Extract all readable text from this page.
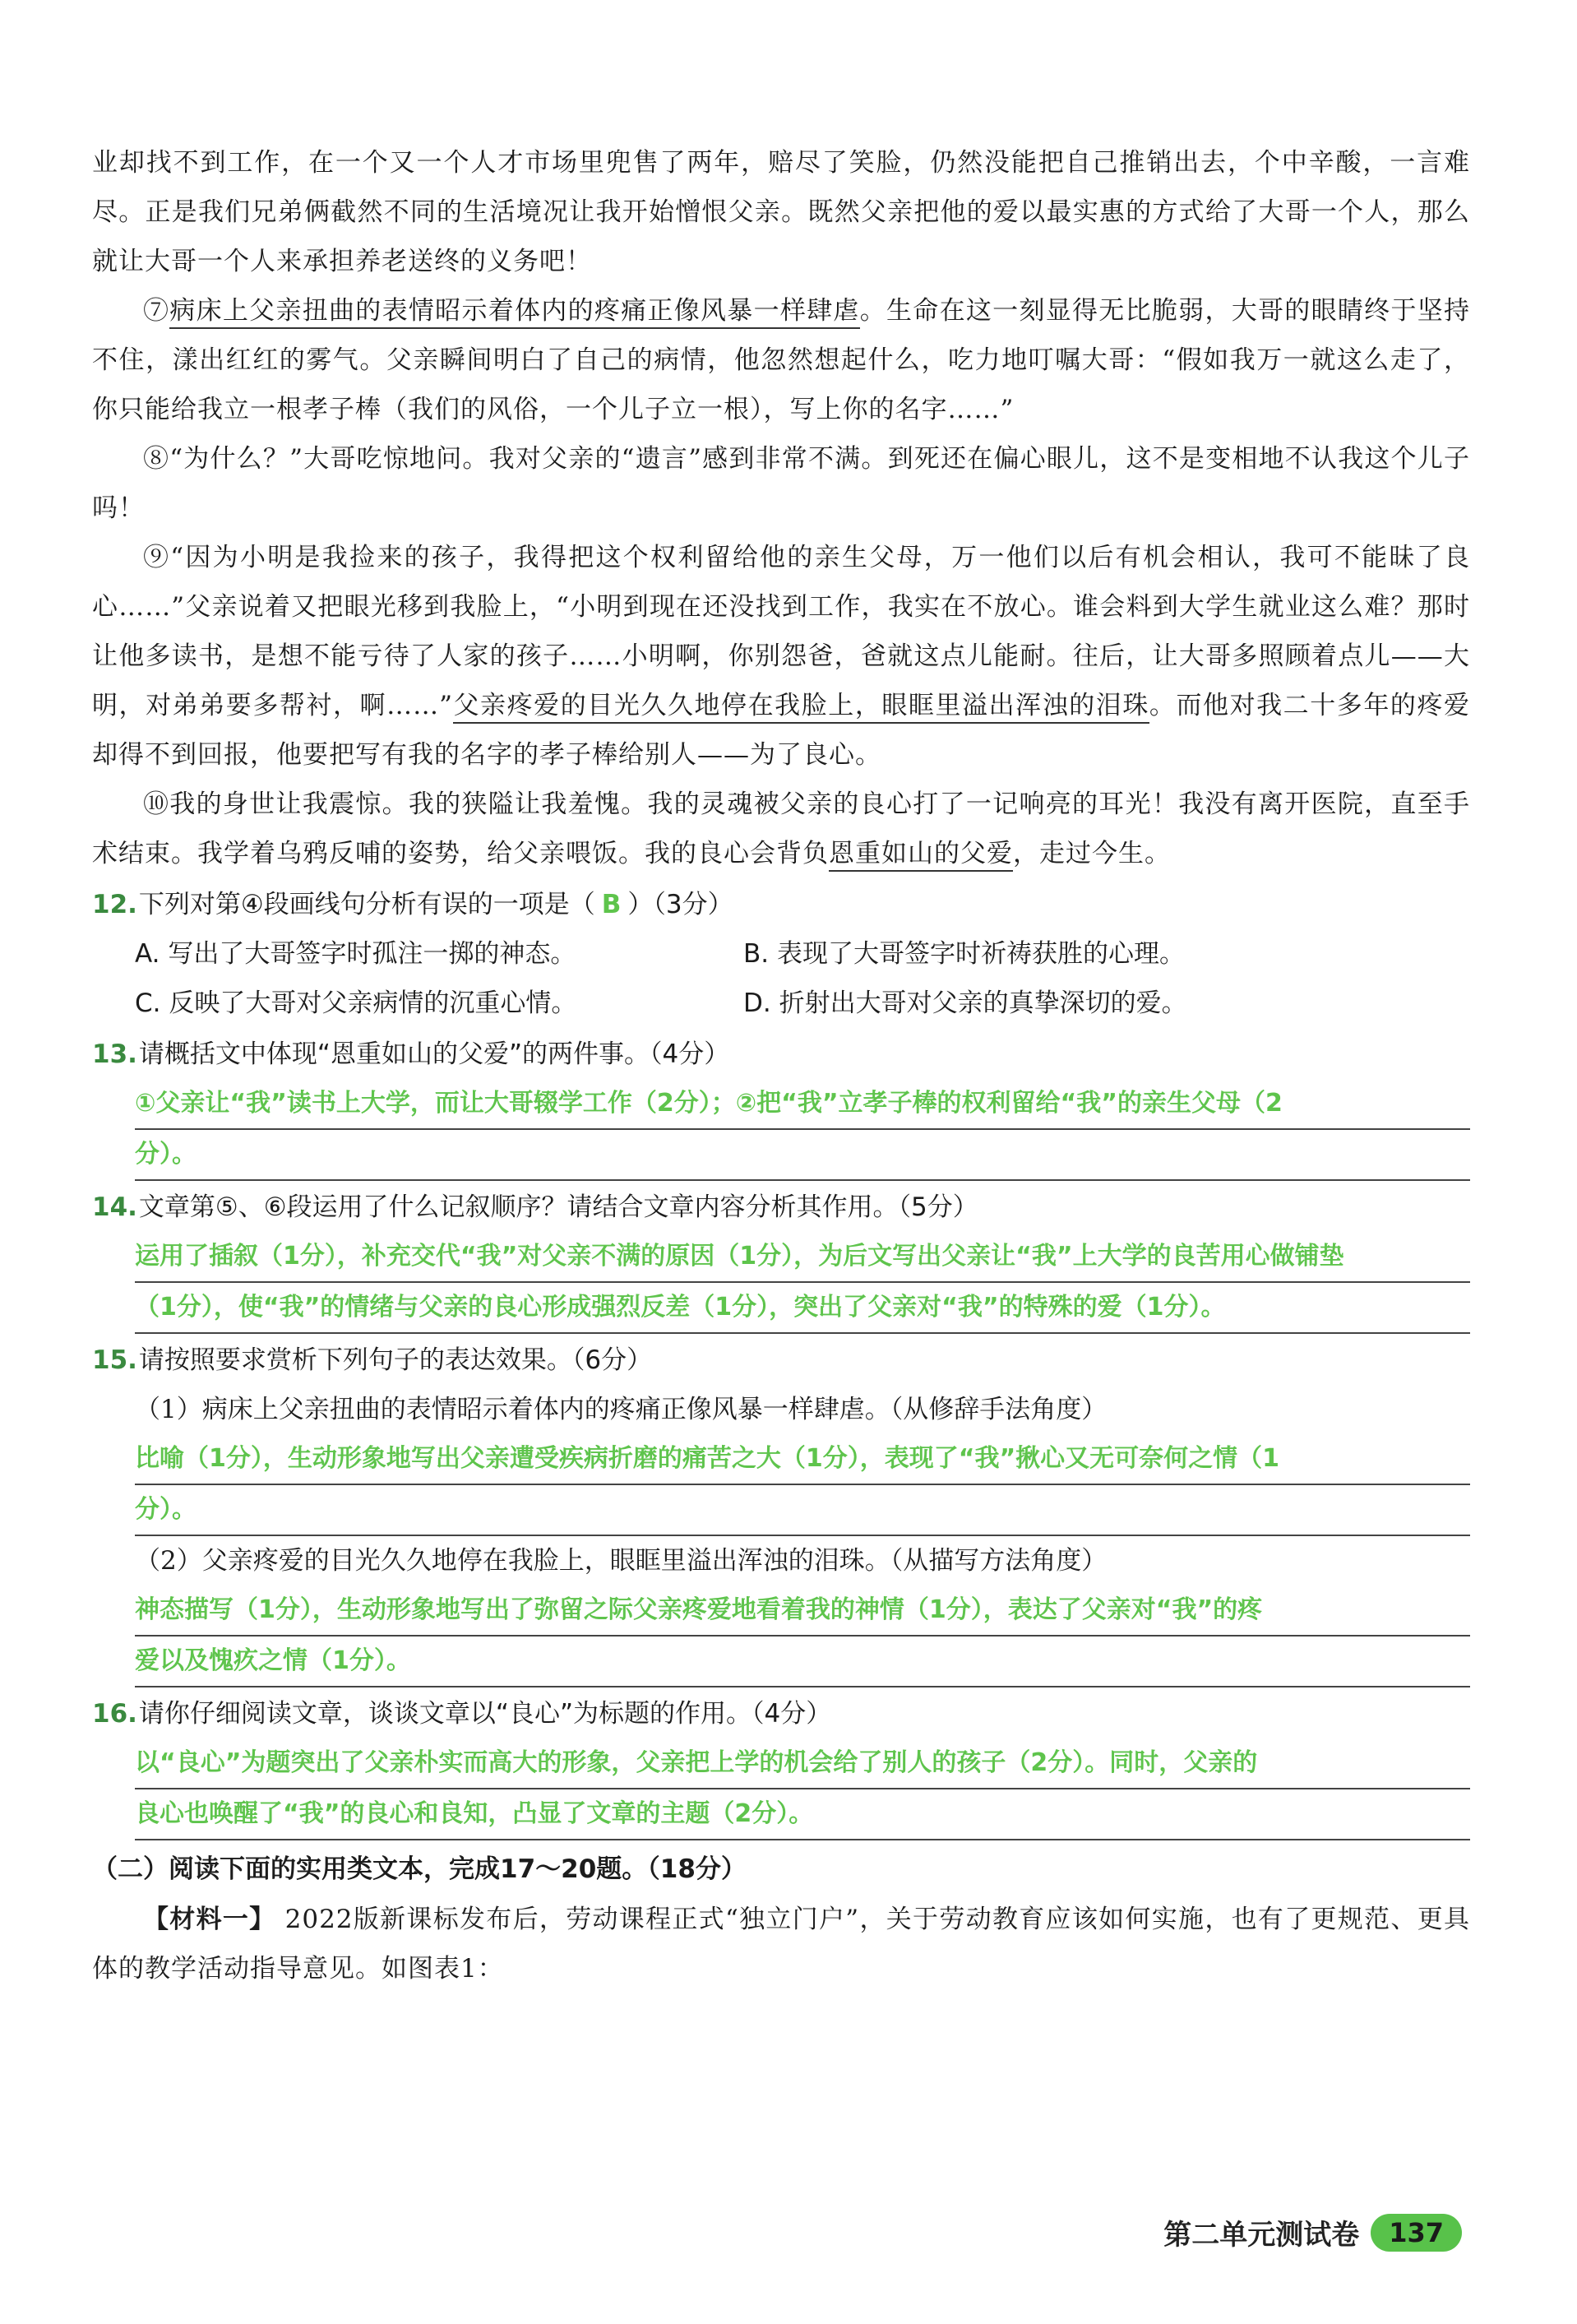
业却找不到工作，在一个又一个人才市场里兜售了两年，赔尽了笑脸，仍然没能把自己推销出去，个中辛酸，一言难尽。正是我们兄弟俩截然不同的生活境况让我开始憎恨父亲。既然父亲把他的爱以最实惠的方式给了大哥一个人，那么就让大哥一个人来承担养老送终的义务吧！

⑦病床上父亲扭曲的表情昭示着体内的疼痛正像风暴一样肆虐。生命在这一刻显得无比脆弱，大哥的眼睛终于坚持不住，漾出红红的雾气。父亲瞬间明白了自己的病情，他忽然想起什么，吃力地叮嘱大哥：“假如我万一就这么走了，你只能给我立一根孝子棒（我们的风俗，一个儿子立一根），写上你的名字……”

⑧“为什么？”大哥吃惊地问。我对父亲的“遗言”感到非常不满。到死还在偏心眼儿，这不是变相地不认我这个儿子吗！

⑨“因为小明是我捡来的孩子，我得把这个权利留给他的亲生父母，万一他们以后有机会相认，我可不能昧了良心……”父亲说着又把眼光移到我脸上，“小明到现在还没找到工作，我实在不放心。谁会料到大学生就业这么难？那时让他多读书，是想不能亏待了人家的孩子……小明啊，你别怨爸，爸就这点儿能耐。往后，让大哥多照顾着点儿——大明，对弟弟要多帮衬，啊……”父亲疼爱的目光久久地停在我脸上，眼眶里溢出浑浊的泪珠。而他对我二十多年的疼爱却得不到回报，他要把写有我的名字的孝子棒给别人——为了良心。

⑩我的身世让我震惊。我的狭隘让我羞愧。我的灵魂被父亲的良心打了一记响亮的耳光！我没有离开医院，直至手术结束。我学着乌鸦反哺的姿势，给父亲喂饭。我的良心会背负恩重如山的父爱，走过今生。

12.下列对第④段画线句分析有误的一项是（ B ）（3分）

A. 写出了大哥签字时孤注一掷的神态。	B. 表现了大哥签字时祈祷获胜的心理。
C. 反映了大哥对父亲病情的沉重心情。	D. 折射出大哥对父亲的真挚深切的爱。

13.请概括文中体现“恩重如山的父爱”的两件事。（4分）

①父亲让“我”读书上大学，而让大哥辍学工作（2分）；②把“我”立孝子棒的权利留给“我”的亲生父母（2
分）。

14.文章第⑤、⑥段运用了什么记叙顺序？请结合文章内容分析其作用。（5分）

运用了插叙（1分），补充交代“我”对父亲不满的原因（1分），为后文写出父亲让“我”上大学的良苦用心做铺垫
（1分），使“我”的情绪与父亲的良心形成强烈反差（1分），突出了父亲对“我”的特殊的爱（1分）。

15.请按照要求赏析下列句子的表达效果。（6分）

（1）病床上父亲扭曲的表情昭示着体内的疼痛正像风暴一样肆虐。（从修辞手法角度）

比喻（1分），生动形象地写出父亲遭受疾病折磨的痛苦之大（1分），表现了“我”揪心又无可奈何之情（1
分）。

（2）父亲疼爱的目光久久地停在我脸上，眼眶里溢出浑浊的泪珠。（从描写方法角度）

神态描写（1分），生动形象地写出了弥留之际父亲疼爱地看着我的神情（1分），表达了父亲对“我”的疼
爱以及愧疚之情（1分）。

16.请你仔细阅读文章，谈谈文章以“良心”为标题的作用。（4分）

以“良心”为题突出了父亲朴实而高大的形象，父亲把上学的机会给了别人的孩子（2分）。同时，父亲的
良心也唤醒了“我”的良心和良知，凸显了文章的主题（2分）。

（二）阅读下面的实用类文本，完成17～20题。（18分）

【材料一】 2022版新课标发布后，劳动课程正式“独立门户”，关于劳动教育应该如何实施，也有了更规范、更具体的教学活动指导意见。如图表1：

第二单元测试卷	137
